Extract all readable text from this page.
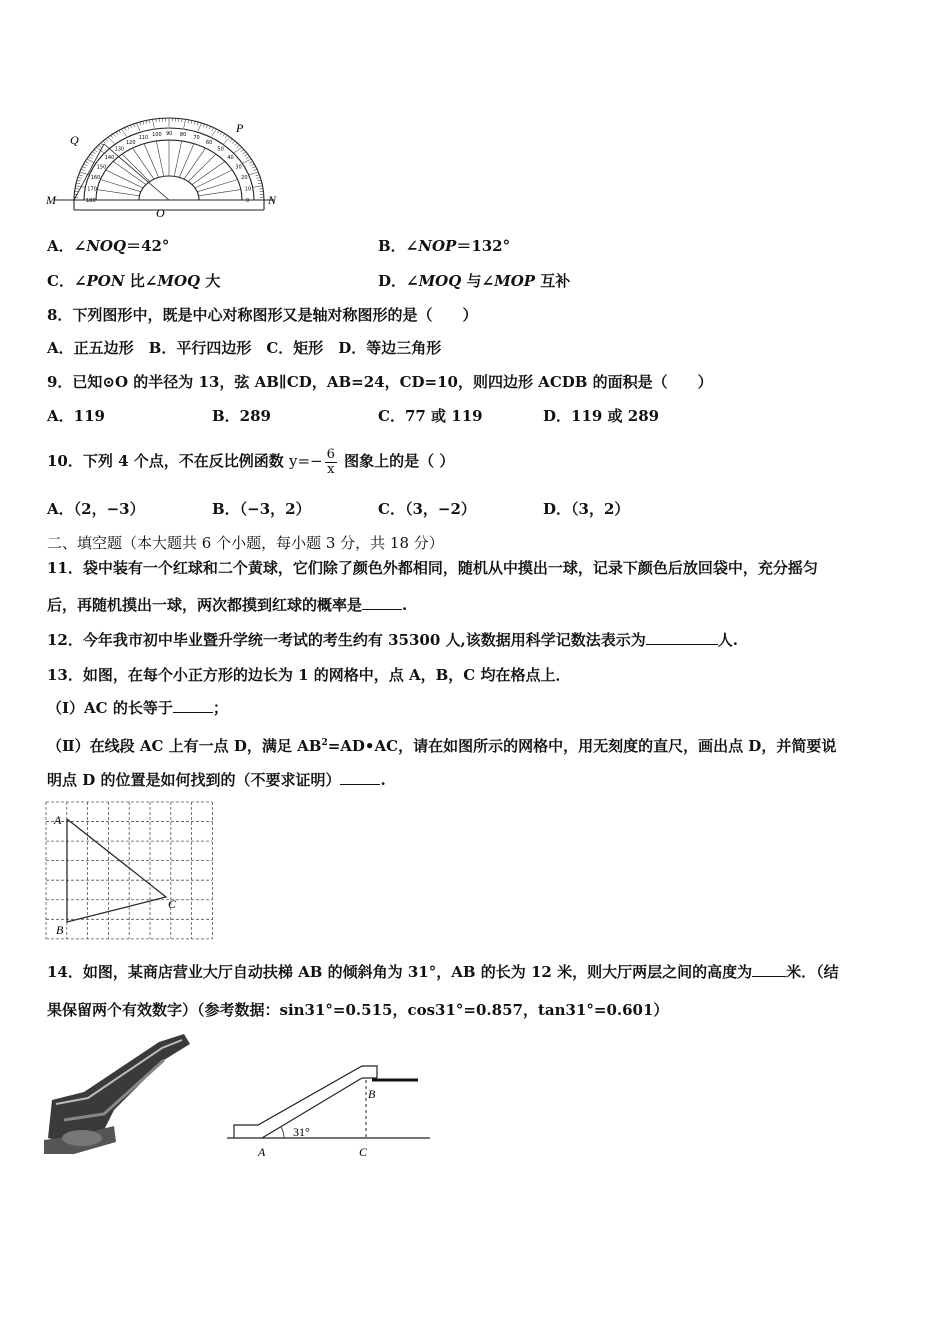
Q
P
M	N
O
0
10
20
30
40
50
60
70
80
90
100
110
120
130
140
150
160
170
180
A．∠NOQ＝42°	B．∠NOP＝132°
C．∠PON 比∠MOQ 大	D．∠MOQ 与∠MOP 互补
8．下列图形中，既是中心对称图形又是轴对称图形的是（　　）
A．正五边形　B．平行四边形　C．矩形　D．等边三角形
9．已知⊙O 的半径为 13，弦 AB∥CD，AB=24，CD=10，则四边形 ACDB 的面积是（　　）
A．119	B．289	C．77 或 119	D．119 或 289
10．下列 4 个点，不在反比例函数 $y=- \frac{6}{x}$ 图象上的是（ ）
A．（2，−3）	B．（−3，2）	C．（3，−2）	D．（3，2）
二、填空题（本大题共 6 个小题，每小题 3 分，共 18 分）
11．袋中装有一个红球和二个黄球，它们除了颜色外都相同，随机从中摸出一球，记录下颜色后放回袋中，充分摇匀
后，再随机摸出一球，两次都摸到红球的概率是	.
12．今年我市初中毕业暨升学统一考试的考生约有 35300 人,该数据用科学记数法表示为	人.
13．如图，在每个小正方形的边长为 1 的网格中，点 A，B，C 均在格点上．
（Ⅰ）AC 的长等于	；
（Ⅱ）在线段 AC 上有一点 D，满足 $AB^2=AD•AC$，请在如图所示的网格中，用无刻度的直尺，画出点 D，并简要说
明点 D 的位置是如何找到的（不要求证明）	.
A
B
C
14．如图，某商店营业大厅自动扶梯 AB 的倾斜角为 31°，AB 的长为 12 米，则大厅两层之间的高度为 米．（结
果保留两个有效数字）（参考数据：sin31°=0.515，cos31°=0.857，tan31°=0.601）
31°
A
B
C
